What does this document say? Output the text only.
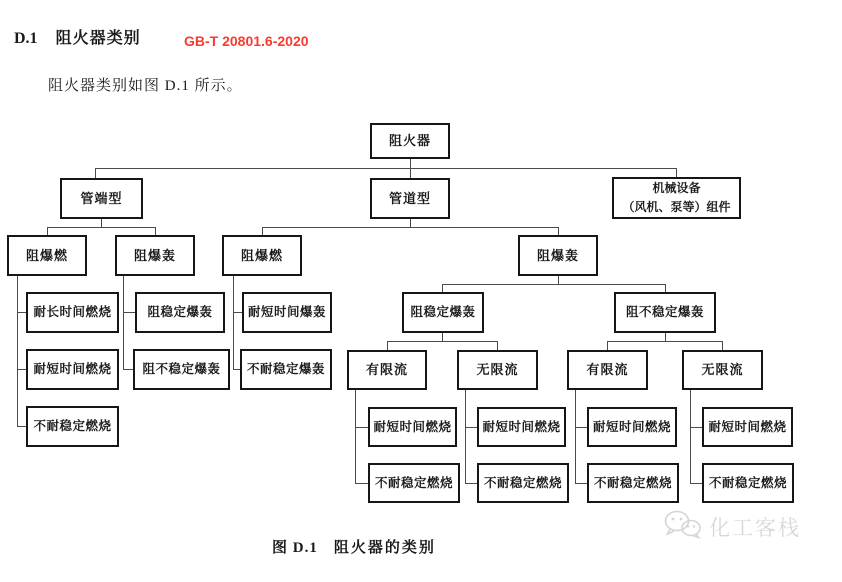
D.1 阻火器类别	GB-T 20801.6-2020
阻火器类别如图 D.1 所示。
阻火器
管端型	管道型
机械设备
（风机、泵等）组件
阻爆燃	阻爆轰	阻爆燃	阻爆轰
耐长时间燃烧
耐短时间燃烧
不耐稳定燃烧
阻稳定爆轰
阻不稳定爆轰
耐短时间爆轰
不耐稳定爆轰
阻稳定爆轰	阻不稳定爆轰
有限流	无限流	有限流	无限流
耐短时间燃烧 耐短时间燃烧	耐短时间燃烧	耐短时间燃烧
不耐稳定燃烧 不耐稳定燃烧	不耐稳定燃烧	不耐稳定燃烧
图 D.1 阻火器的类别
化工客栈
